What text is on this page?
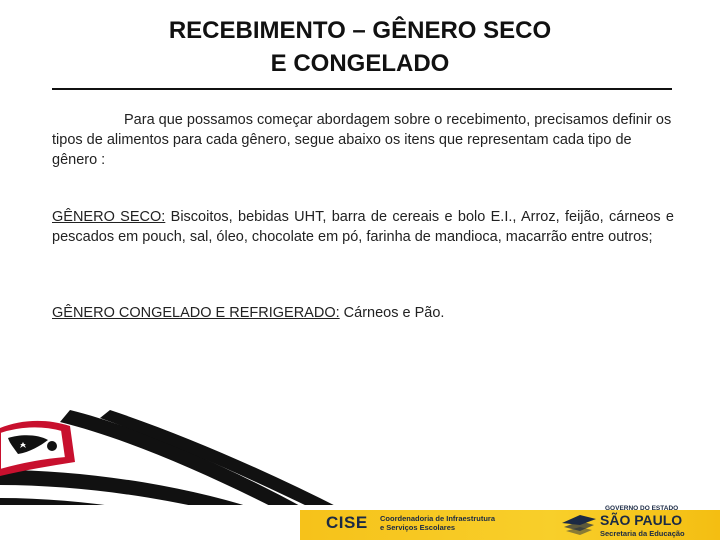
RECEBIMENTO – GÊNERO SECO
E CONGELADO

Para que possamos começar abordagem sobre o recebimento, precisamos definir os tipos de alimentos para cada gênero, segue abaixo os itens que representam cada tipo de gênero :

GÊNERO SECO: Biscoitos, bebidas UHT, barra de cereais e bolo E.I., Arroz, feijão, cárneos e pescados em pouch, sal, óleo, chocolate em pó, farinha de mandioca, macarrão entre outros;

GÊNERO CONGELADO E REFRIGERADO: Cárneos e Pão.

CISE Coordenadoria de Infraestrutura
e Serviços Escolares
GOVERNO DO ESTADO
SÃO PAULO
Secretaria da Educação
